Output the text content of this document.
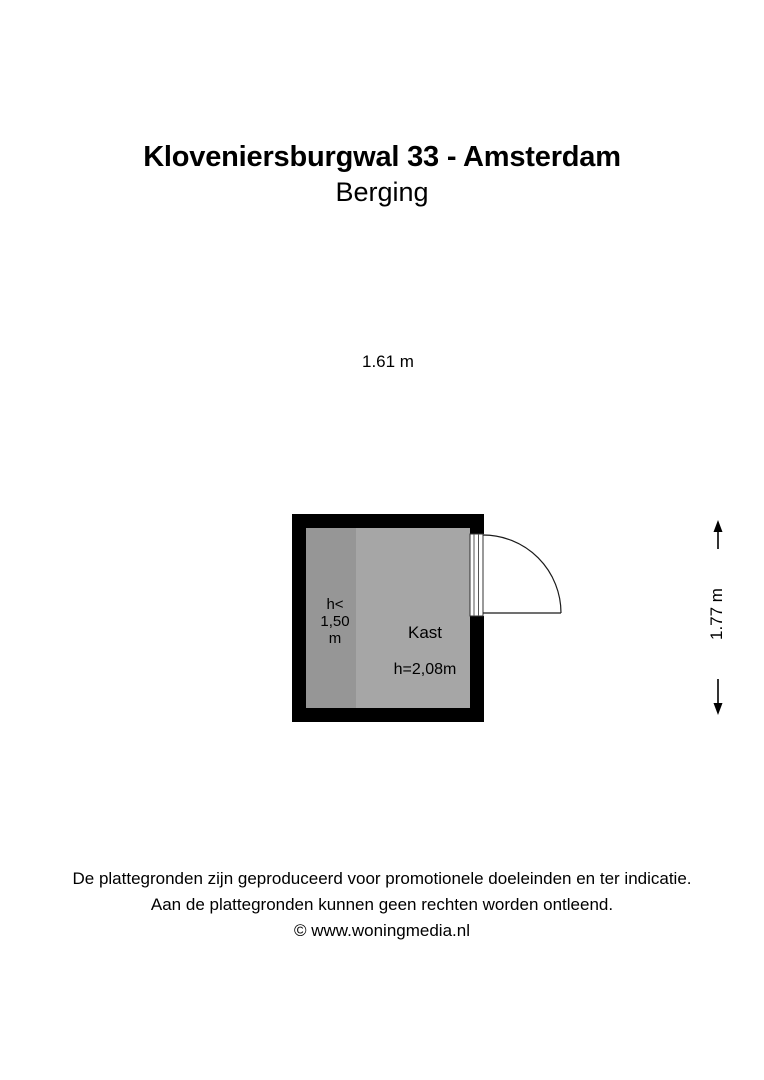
Kloveniersburgwal 33 - Amsterdam
Berging
1.61 m
1.77 m
h<
1,50
m	Kast

h=2,08m

De plattegronden zijn geproduceerd voor promotionele doeleinden en ter indicatie.
Aan de plattegronden kunnen geen rechten worden ontleend.
© www.woningmedia.nl
